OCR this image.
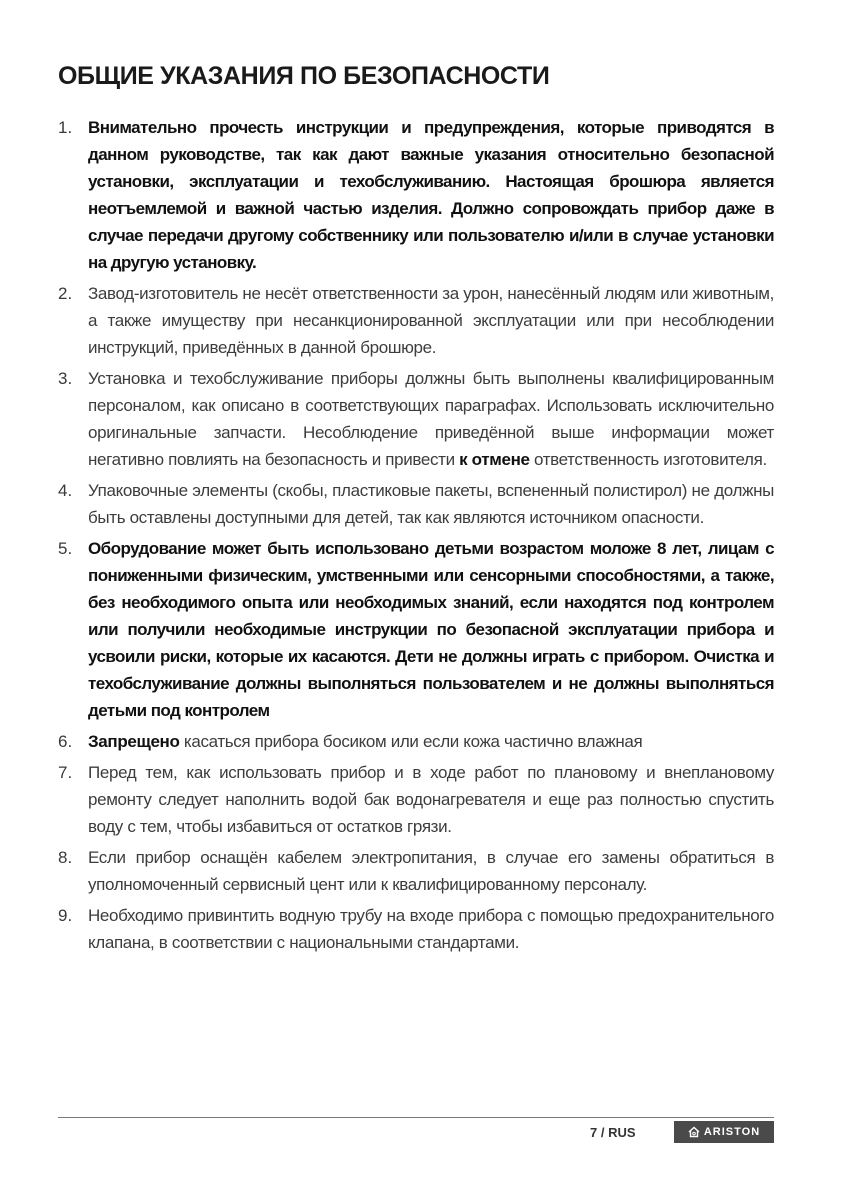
ОБЩИЕ УКАЗАНИЯ ПО БЕЗОПАСНОСТИ
1. Внимательно прочесть инструкции и предупреждения, которые приводятся в данном руководстве, так как дают важные указания относительно безопасной установки, эксплуатации и техобслуживанию. Настоящая брошюра является неотъемлемой и важной частью изделия. Должно сопровождать прибор даже в случае передачи другому собственнику или пользователю и/или в случае установки на другую установку.

2. Завод-изготовитель не несёт ответственности за урон, нанесённый людям или животным, а также имуществу при несанкционированной эксплуатации или при несоблюдении инструкций, приведённых в данной брошюре.

3. Установка и техобслуживание приборы должны быть выполнены квалифицированным персоналом, как описано в соответствующих параграфах. Использовать исключительно оригинальные запчасти. Несоблюдение приведённой выше информации может негативно повлиять на безопасность и привести к отмене ответственность изготовителя.

4. Упаковочные элементы (скобы, пластиковые пакеты, вспененный полистирол) не должны быть оставлены доступными для детей, так как являются источником опасности.

5. Оборудование может быть использовано детьми возрастом моложе 8 лет, лицам с пониженными физическим, умственными или сенсорными способностями, а также, без необходимого опыта или необходимых знаний, если находятся под контролем или получили необходимые инструкции по безопасной эксплуатации прибора и усвоили риски, которые их касаются. Дети не должны играть с прибором. Очистка и техобслуживание должны выполняться пользователем и не должны выполняться детьми под контролем

6. Запрещено касаться прибора босиком или если кожа частично влажная

7. Перед тем, как использовать прибор и в ходе работ по плановому и внеплановому ремонту следует наполнить водой бак водонагревателя и еще раз полностью спустить воду с тем, чтобы избавиться от остатков грязи.

8. Если прибор оснащён кабелем электропитания, в случае его замены обратиться в уполномоченный сервисный цент или к квалифицированному персоналу.

9. Необходимо привинтить водную трубу на входе прибора с помощью предохранительного клапана, в соответствии с национальными стандартами.

7 / RUS	ARISTON
